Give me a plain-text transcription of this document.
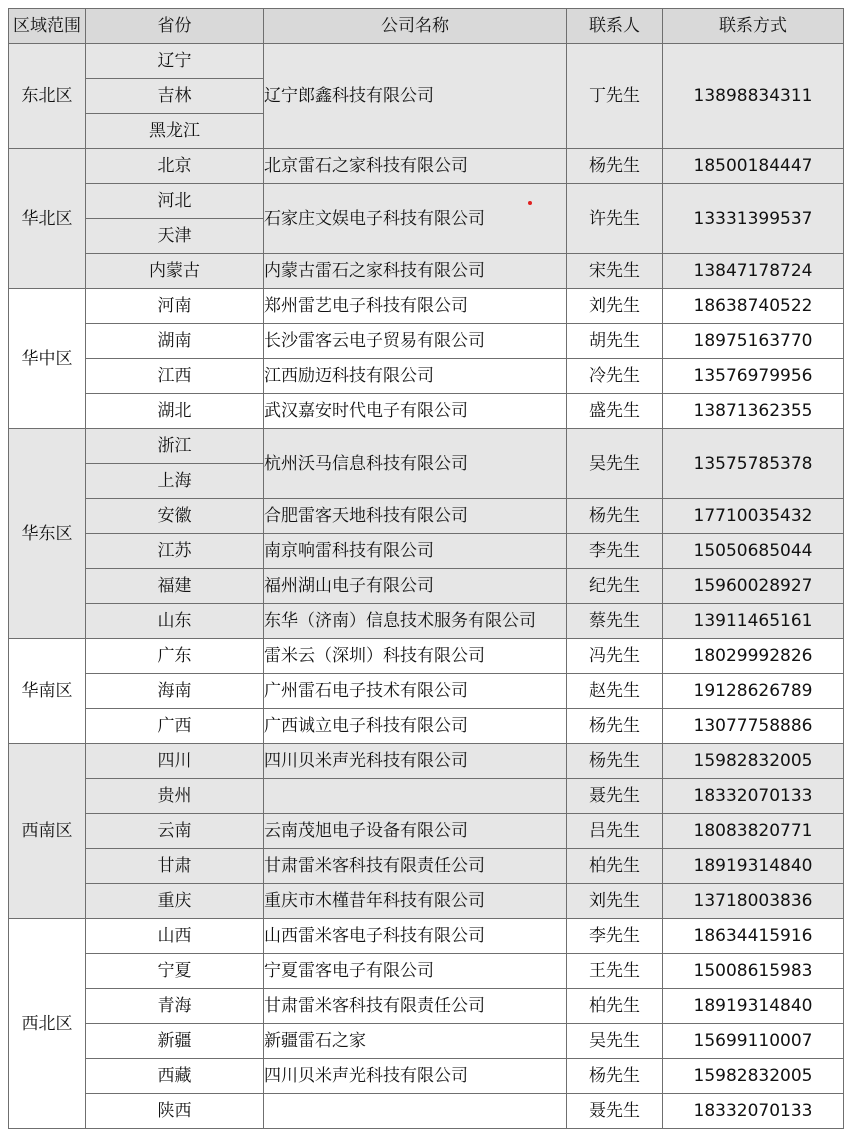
区域范围	省份	公司名称	联系人	联系方式
东北区	辽宁	辽宁郎鑫科技有限公司	丁先生	13898834311
	吉林			
	黑龙江			
华北区	北京	北京雷石之家科技有限公司	杨先生	18500184447
	河北	石家庄文娱电子科技有限公司	许先生	13331399537
	天津			
	内蒙古	内蒙古雷石之家科技有限公司	宋先生	13847178724
华中区	河南	郑州雷艺电子科技有限公司	刘先生	18638740522
	湖南	长沙雷客云电子贸易有限公司	胡先生	18975163770
	江西	江西励迈科技有限公司	冷先生	13576979956
	湖北	武汉嘉安时代电子有限公司	盛先生	13871362355
华东区	浙江	杭州沃马信息科技有限公司	吴先生	13575785378
	上海			
	安徽	合肥雷客天地科技有限公司	杨先生	17710035432
	江苏	南京响雷科技有限公司	李先生	15050685044
	福建	福州湖山电子有限公司	纪先生	15960028927
	山东	东华（济南）信息技术服务有限公司	蔡先生	13911465161
华南区	广东	雷米云（深圳）科技有限公司	冯先生	18029992826
	海南	广州雷石电子技术有限公司	赵先生	19128626789
	广西	广西诚立电子科技有限公司	杨先生	13077758886
西南区	四川	四川贝米声光科技有限公司	杨先生	15982832005
	贵州		聂先生	18332070133
	云南	云南茂旭电子设备有限公司	吕先生	18083820771
	甘肃	甘肃雷米客科技有限责任公司	柏先生	18919314840
	重庆	重庆市木槿昔年科技有限公司	刘先生	13718003836
西北区	山西	山西雷米客电子科技有限公司	李先生	18634415916
	宁夏	宁夏雷客电子有限公司	王先生	15008615983
	青海	甘肃雷米客科技有限责任公司	柏先生	18919314840
	新疆	新疆雷石之家	吴先生	15699110007
	西藏	四川贝米声光科技有限公司	杨先生	15982832005
	陕西		聂先生	18332070133
